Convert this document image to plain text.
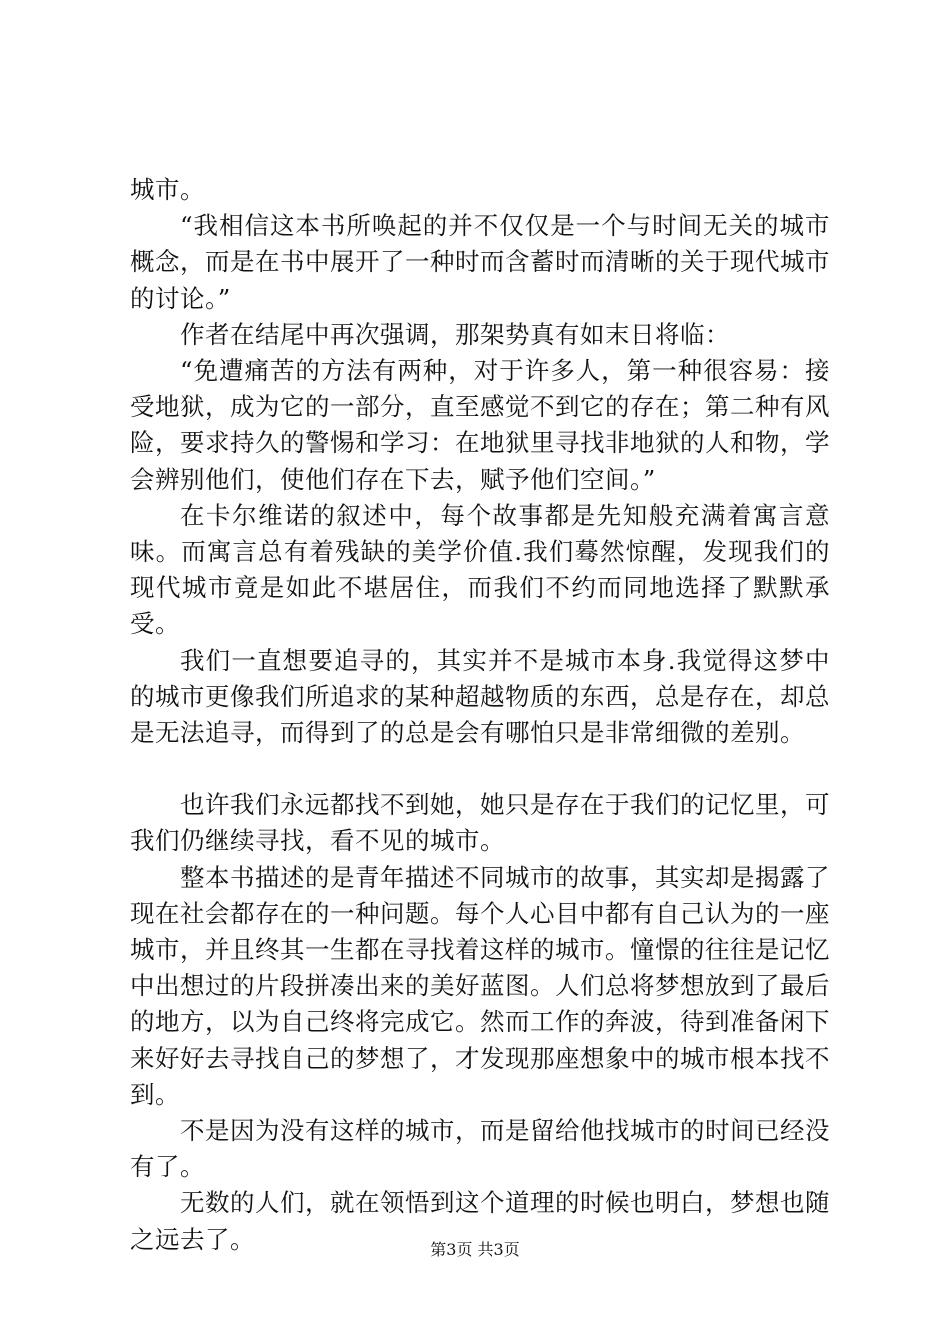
城市。

“我相信这本书所唤起的并不仅仅是一个与时间无关的城市概念，而是在书中展开了一种时而含蓄时而清晰的关于现代城市的讨论。”

作者在结尾中再次强调，那架势真有如末日将临：

“免遭痛苦的方法有两种，对于许多人，第一种很容易：接受地狱，成为它的一部分，直至感觉不到它的存在；第二种有风险，要求持久的警惕和学习：在地狱里寻找非地狱的人和物，学会辨别他们，使他们存在下去，赋予他们空间。”

在卡尔维诺的叙述中，每个故事都是先知般充满着寓言意味。而寓言总有着残缺的美学价值.我们蓦然惊醒，发现我们的现代城市竟是如此不堪居住，而我们不约而同地选择了默默承受。

我们一直想要追寻的，其实并不是城市本身.我觉得这梦中的城市更像我们所追求的某种超越物质的东西，总是存在，却总是无法追寻，而得到了的总是会有哪怕只是非常细微的差别。

也许我们永远都找不到她，她只是存在于我们的记忆里，可我们仍继续寻找，看不见的城市。

整本书描述的是青年描述不同城市的故事，其实却是揭露了现在社会都存在的一种问题。每个人心目中都有自己认为的一座城市，并且终其一生都在寻找着这样的城市。憧憬的往往是记忆中出想过的片段拼凑出来的美好蓝图。人们总将梦想放到了最后的地方，以为自己终将完成它。然而工作的奔波，待到准备闲下来好好去寻找自己的梦想了，才发现那座想象中的城市根本找不到。

不是因为没有这样的城市，而是留给他找城市的时间已经没有了。

无数的人们，就在领悟到这个道理的时候也明白，梦想也随之远去了。	第3页 共3页
